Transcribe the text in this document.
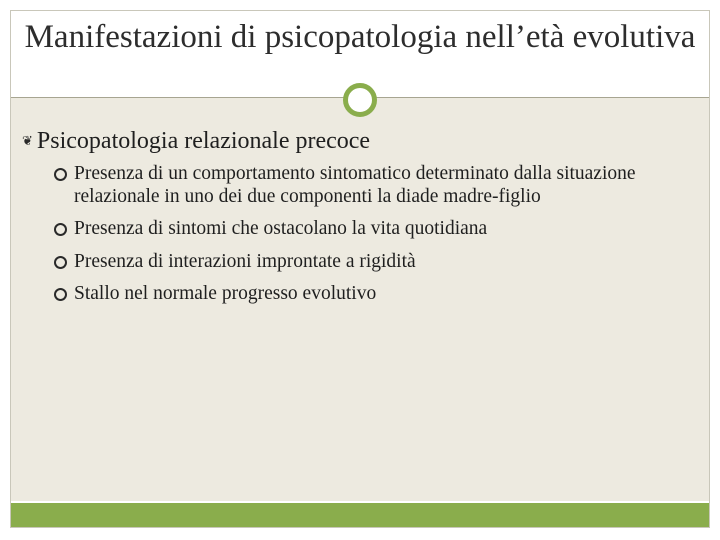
Manifestazioni di psicopatologia nell’età evolutiva
❦ Psicopatologia relazionale precoce
Presenza di un comportamento sintomatico determinato dalla situazione relazionale in uno dei due componenti la diade madre-figlio
Presenza di sintomi che ostacolano la vita quotidiana
Presenza di interazioni improntate a rigidità
Stallo nel normale progresso evolutivo
